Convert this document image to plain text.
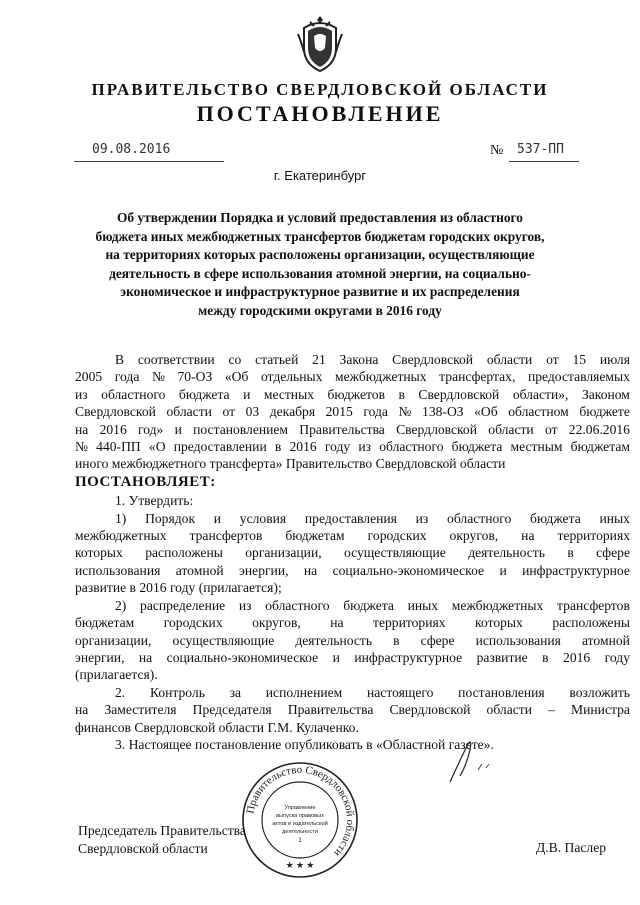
ПРАВИТЕЛЬСТВО СВЕРДЛОВСКОЙ ОБЛАСТИ
ПОСТАНОВЛЕНИЕ
09.08.2016	№	537-ПП
г. Екатеринбург
Об утверждении Порядка и условий предоставления из областного
бюджета иных межбюджетных трансфертов бюджетам городских округов,
на территориях которых расположены организации, осуществляющие
деятельность в сфере использования атомной энергии, на социально-
экономическое и инфраструктурное развитие и их распределения
между городскими округами в 2016 году
В соответствии со статьей 21 Закона Свердловской области от 15 июля
2005 года № 70-ОЗ «Об отдельных межбюджетных трансфертах, предоставляемых
из областного бюджета и местных бюджетов в Свердловской области», Законом
Свердловской области от 03 декабря 2015 года № 138-ОЗ «Об областном бюджете
на 2016 год» и постановлением Правительства Свердловской области от 22.06.2016
№ 440-ПП «О предоставлении в 2016 году из областного бюджета местным бюджетам
иного межбюджетного трансферта» Правительство Свердловской области
ПОСТАНОВЛЯЕТ:
1. Утвердить:
1) Порядок и условия предоставления из областного бюджета иных
межбюджетных трансфертов бюджетам городских округов, на территориях
которых расположены организации, осуществляющие деятельность в сфере
использования атомной энергии, на социально-экономическое и инфраструктурное
развитие в 2016 году (прилагается);
2) распределение из областного бюджета иных межбюджетных трансфертов
бюджетам городских округов, на территориях которых расположены
организации, осуществляющие деятельность в сфере использования атомной
энергии, на социально-экономическое и инфраструктурное развитие в 2016 году
(прилагается).
2. Контроль за исполнением настоящего постановления возложить
на Заместителя Председателя Правительства Свердловской области – Министра
финансов Свердловской области Г.М. Кулаченко.
3. Настоящее постановление опубликовать в «Областной газете».
Правительство Свердловской области
Управление
выпуска правовых
актов и издательской
деятельности
1
★ ★ ★
Председатель Правительства
Свердловской области	Д.В. Паслер
